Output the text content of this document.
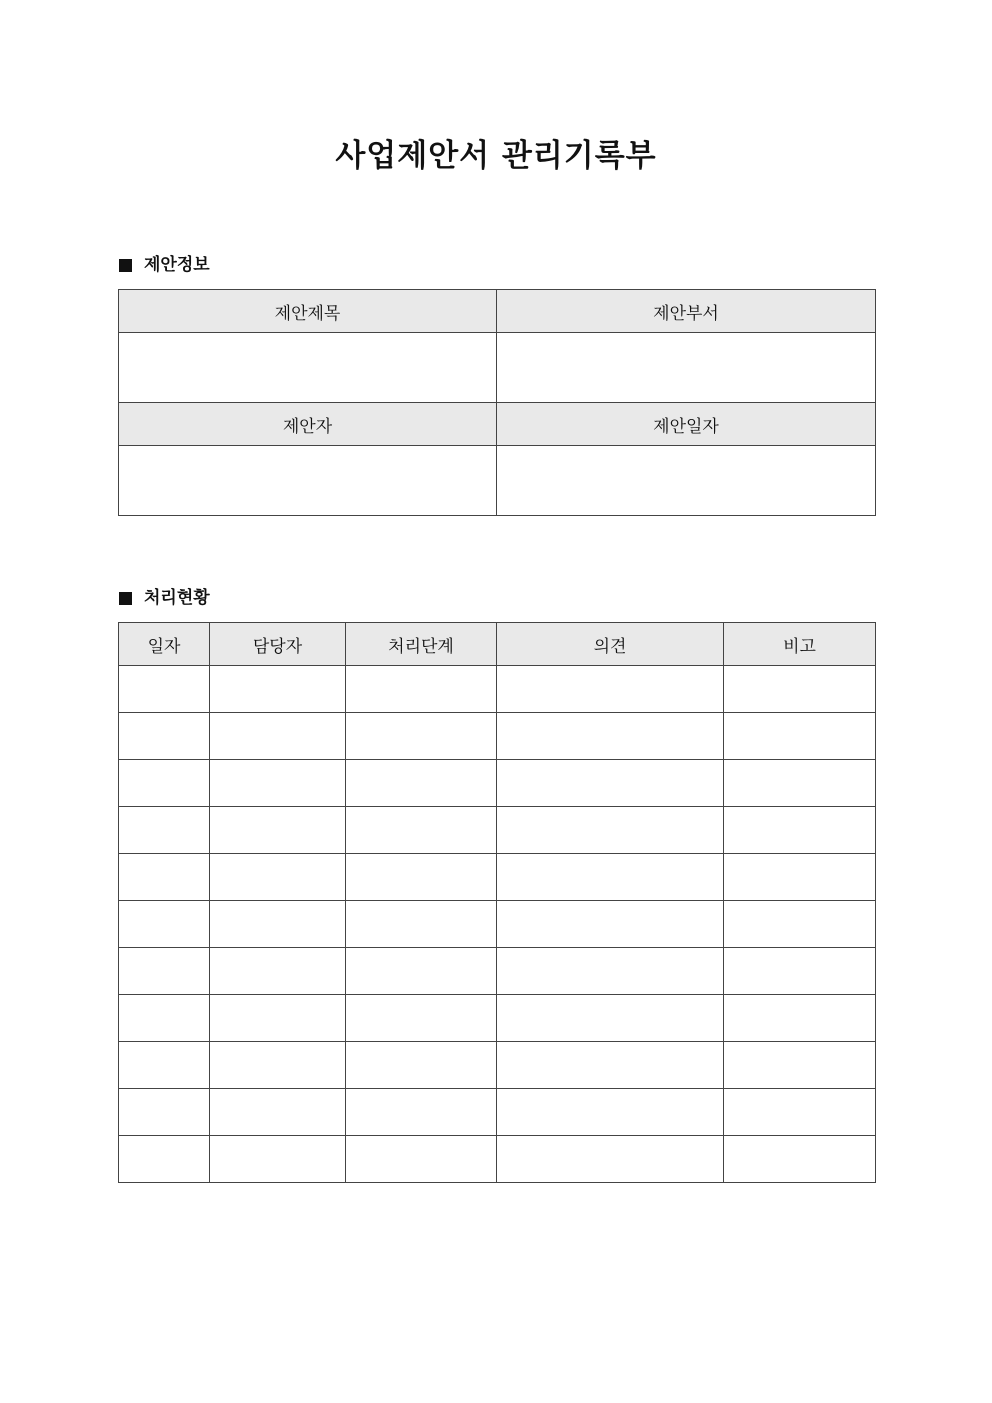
사업제안서 관리기록부
제안정보
제안제목	제안부서

제안자	제안일자

처리현황
일자	담당자	처리단계	의견	비고
